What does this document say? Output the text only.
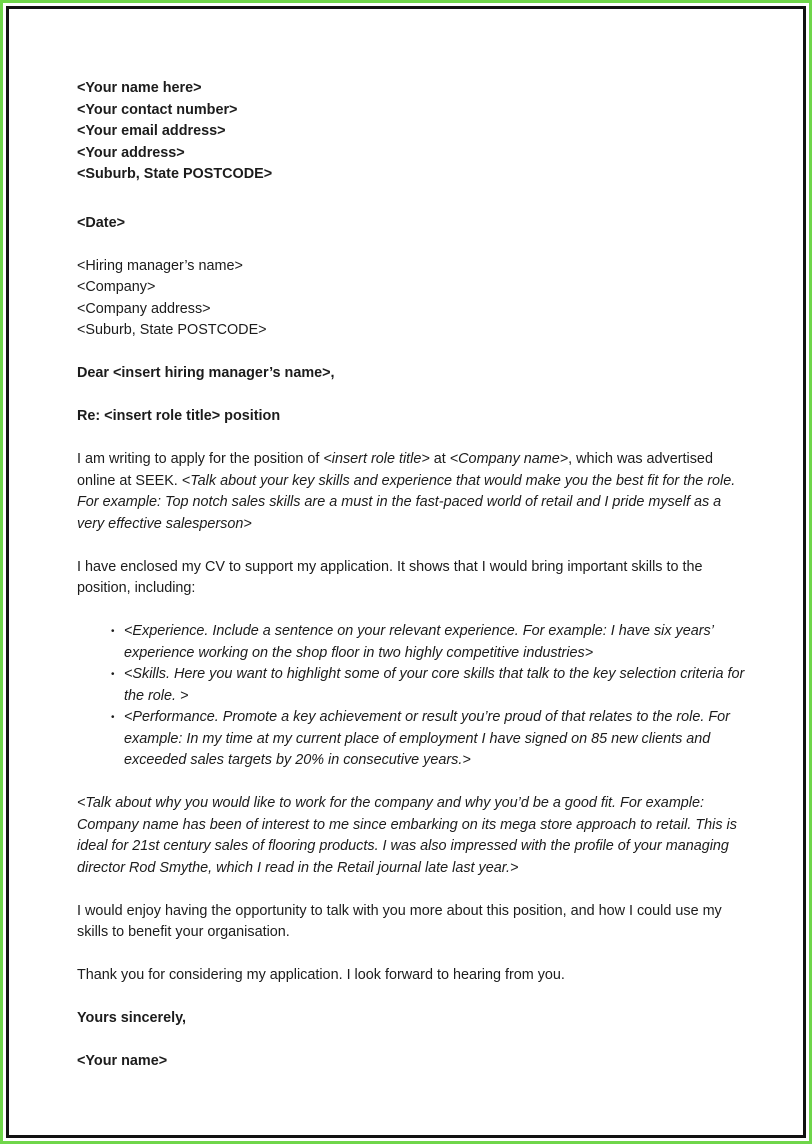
<Your name here>
<Your contact number>
<Your email address>
<Your address>
<Suburb, State POSTCODE>
<Date>
<Hiring manager’s name>
<Company>
<Company address>
<Suburb, State POSTCODE>
Dear <insert hiring manager’s name>,
Re: <insert role title> position
I am writing to apply for the position of <insert role title> at <Company name>, which was advertised
online at SEEK. <Talk about your key skills and experience that would make you the best fit for the role.
For example: Top notch sales skills are a must in the fast-paced world of retail and I pride myself as a
very effective salesperson>
I have enclosed my CV to support my application. It shows that I would bring important skills to the
position, including:
• <Experience. Include a sentence on your relevant experience. For example: I have six years’
experience working on the shop floor in two highly competitive industries>
• <Skills. Here you want to highlight some of your core skills that talk to the key selection criteria for
the role. >
• <Performance. Promote a key achievement or result you’re proud of that relates to the role. For
example: In my time at my current place of employment I have signed on 85 new clients and
exceeded sales targets by 20% in consecutive years.>
<Talk about why you would like to work for the company and why you’d be a good fit. For example:
Company name has been of interest to me since embarking on its mega store approach to retail. This is
ideal for 21st century sales of flooring products. I was also impressed with the profile of your managing
director Rod Smythe, which I read in the Retail journal late last year.>
I would enjoy having the opportunity to talk with you more about this position, and how I could use my
skills to benefit your organisation.
Thank you for considering my application. I look forward to hearing from you.
Yours sincerely,
<Your name>
